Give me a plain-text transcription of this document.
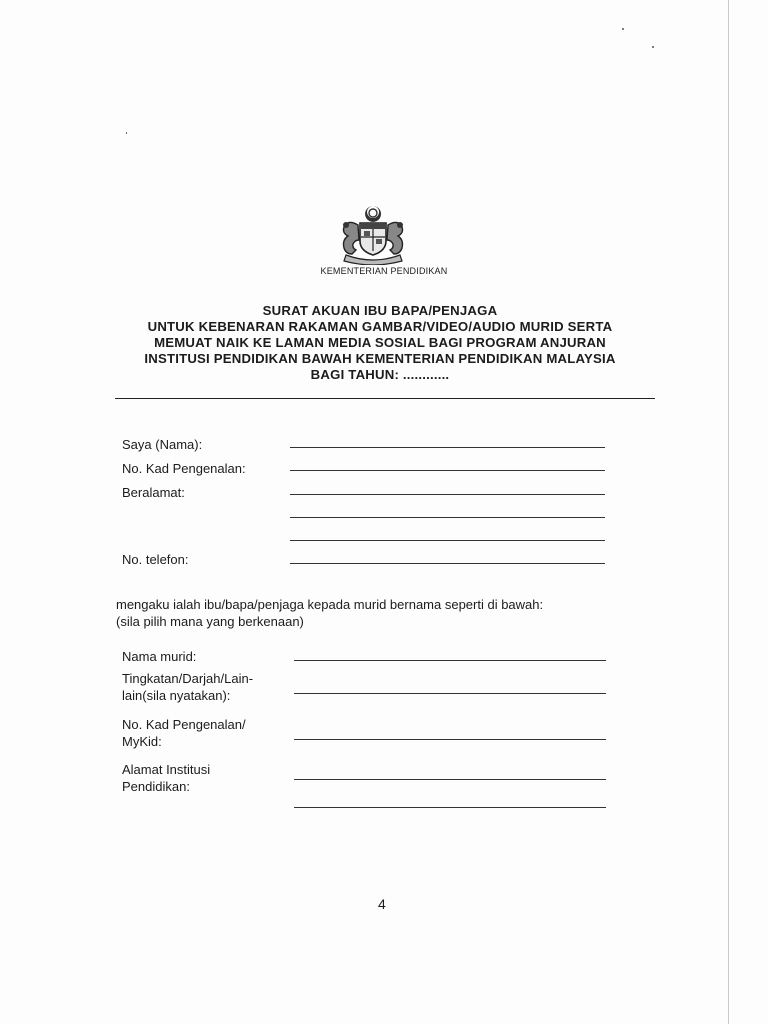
KEMENTERIAN PENDIDIKAN
SURAT AKUAN IBU BAPA/PENJAGA
UNTUK KEBENARAN RAKAMAN GAMBAR/VIDEO/AUDIO MURID SERTA
MEMUAT NAIK KE LAMAN MEDIA SOSIAL BAGI PROGRAM ANJURAN
INSTITUSI PENDIDIKAN BAWAH KEMENTERIAN PENDIDIKAN MALAYSIA
BAGI TAHUN: ............
Saya (Nama):
No. Kad Pengenalan:
Beralamat:
No. telefon:
mengaku ialah ibu/bapa/penjaga kepada murid bernama seperti di bawah:
(sila pilih mana yang berkenaan)
Nama murid:
Tingkatan/Darjah/Lain-
lain(sila nyatakan):
No. Kad Pengenalan/
MyKid:
Alamat Institusi
Pendidikan:
4
